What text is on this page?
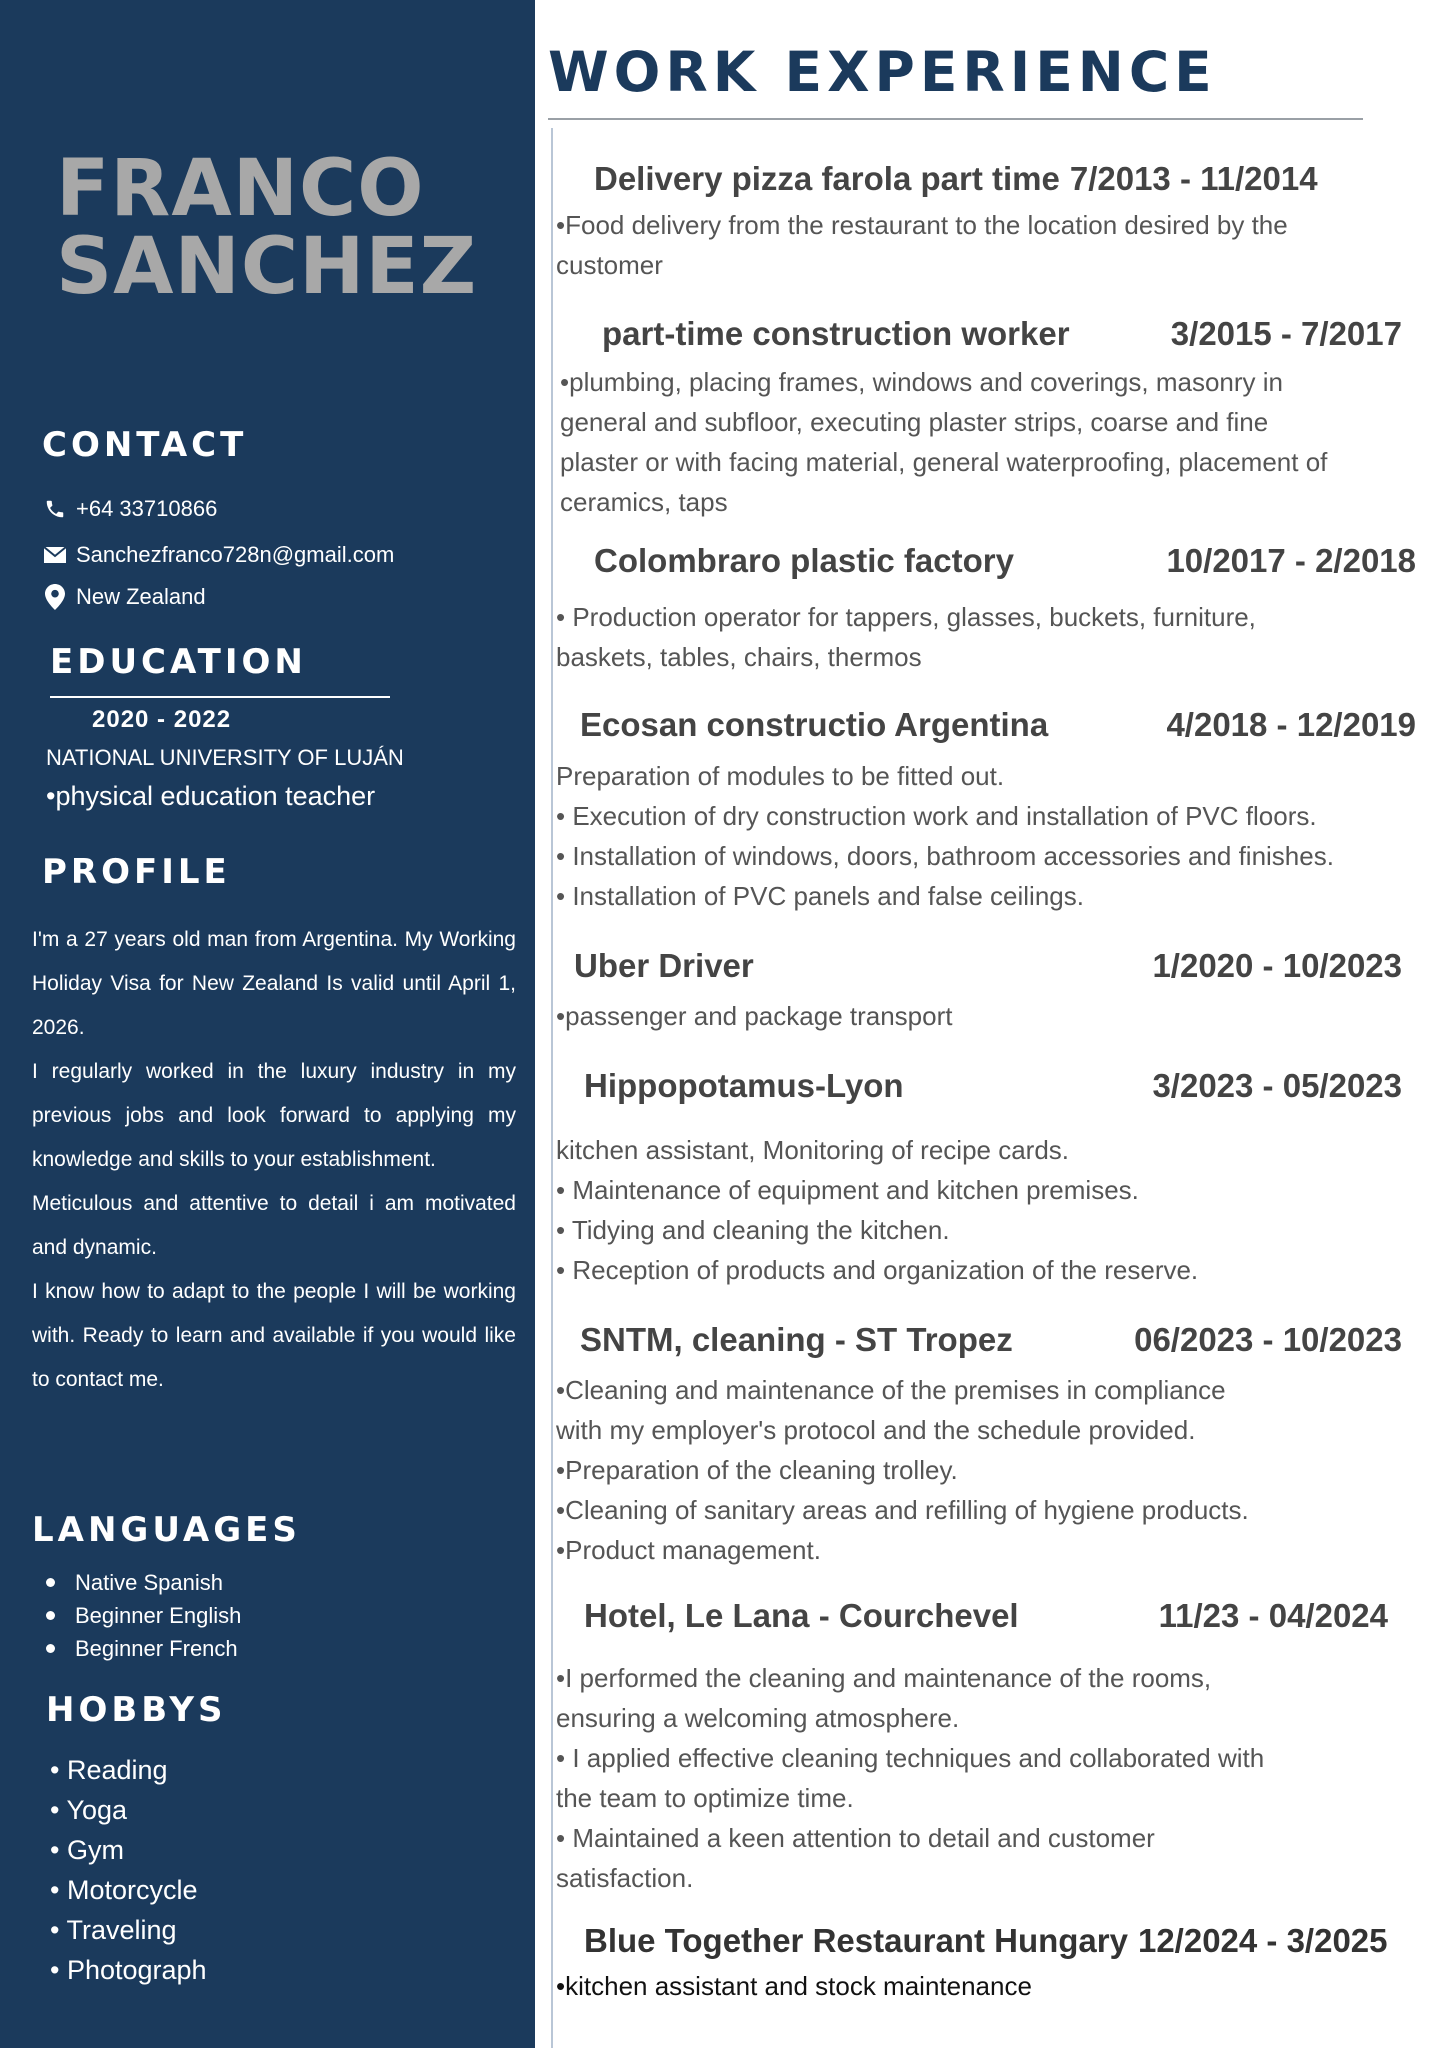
FRANCO
SANCHEZ
CONTACT
+64 33710866
Sanchezfranco728n@gmail.com
New Zealand
EDUCATION
2020 - 2022
NATIONAL UNIVERSITY OF LUJÁN
•physical education teacher
PROFILE

I'm a 27 years old man from Argentina. My Working Holiday Visa for New Zealand Is valid until April 1, 2026.

I regularly worked in the luxury industry in my previous jobs and look forward to applying my knowledge and skills to your establishment.

Meticulous and attentive to detail i am motivated and dynamic.

I know how to adapt to the people I will be working with. Ready to learn and available if you would like to contact me.

LANGUAGES
Native Spanish
Beginner English
Beginner French
HOBBYS
• Reading
• Yoga
• Gym
• Motorcycle
• Traveling
• Photograph
WORK EXPERIENCE
Delivery pizza farola part time 7/2013 - 11/2014
•Food delivery from the restaurant to the location desired by the
customer
part-time construction worker	3/2015 - 7/2017
•plumbing, placing frames, windows and coverings, masonry in
general and subfloor, executing plaster strips, coarse and fine
plaster or with facing material, general waterproofing, placement of
ceramics, taps
Colombraro plastic factory	10/2017 - 2/2018
• Production operator for tappers, glasses, buckets, furniture,
baskets, tables, chairs, thermos
Ecosan constructio Argentina	4/2018 - 12/2019
Preparation of modules to be fitted out.
• Execution of dry construction work and installation of PVC floors.
• Installation of windows, doors, bathroom accessories and finishes.
• Installation of PVC panels and false ceilings.
Uber Driver	1/2020 - 10/2023
•passenger and package transport
Hippopotamus-Lyon	3/2023 - 05/2023
kitchen assistant, Monitoring of recipe cards.
• Maintenance of equipment and kitchen premises.
• Tidying and cleaning the kitchen.
• Reception of products and organization of the reserve.
SNTM, cleaning - ST Tropez	06/2023 - 10/2023
•Cleaning and maintenance of the premises in compliance
with my employer's protocol and the schedule provided.
•Preparation of the cleaning trolley.
•Cleaning of sanitary areas and refilling of hygiene products.
•Product management.
Hotel, Le Lana - Courchevel	11/23 - 04/2024
•I performed the cleaning and maintenance of the rooms,
ensuring a welcoming atmosphere.
• I applied effective cleaning techniques and collaborated with
the team to optimize time.
• Maintained a keen attention to detail and customer
satisfaction.
Blue Together Restaurant Hungary 12/2024 - 3/2025
•kitchen assistant and stock maintenance
